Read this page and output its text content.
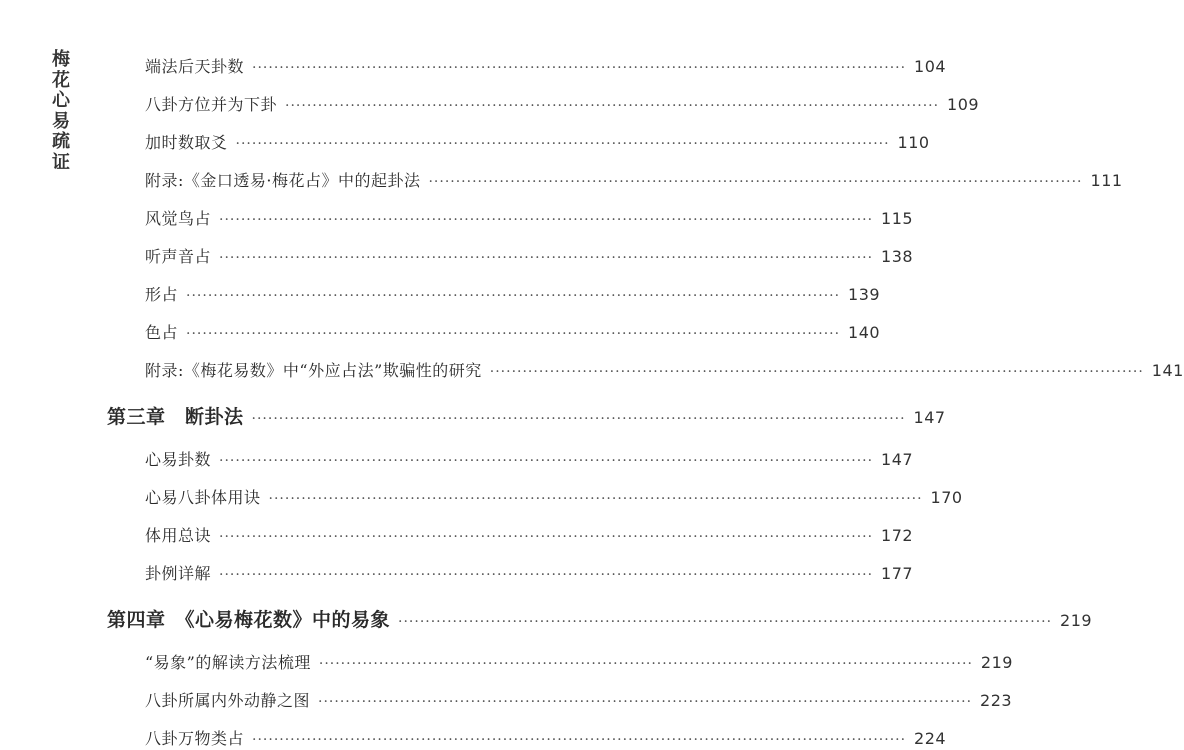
梅
花
心
易
疏
证
端法后天卦数 ························································································································ 104
八卦方位并为下卦 ························································································································ 109
加时数取爻 ························································································································ 110
附录:《金口透易·梅花占》中的起卦法 ························································································································ 111
风觉鸟占 ························································································································ 115
听声音占 ························································································································ 138
形占 ························································································································ 139
色占 ························································································································ 140
附录:《梅花易数》中“外应占法”欺骗性的研究 ························································································································ 141
第三章　断卦法 ························································································································ 147
心易卦数 ························································································································ 147
心易八卦体用诀 ························································································································ 170
体用总诀 ························································································································ 172
卦例详解 ························································································································ 177
第四章　《心易梅花数》中的易象 ························································································································ 219
“易象”的解读方法梳理 ························································································································ 219
八卦所属内外动静之图 ························································································································ 223
八卦万物类占 ························································································································ 224
